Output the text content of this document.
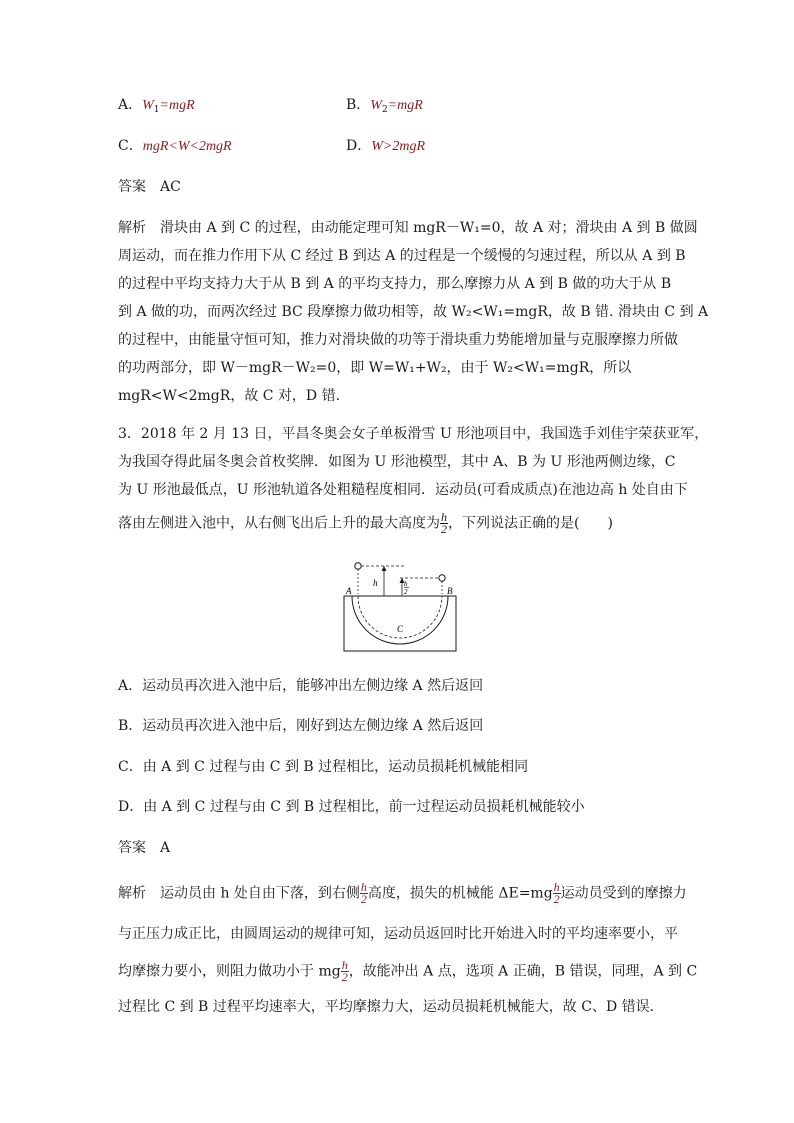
A．$W_1=mgR$	B．$W_2=mgR$
C．mgR<W<2mgR	D．W>2mgR
答案　AC
解析　 滑块由 A 到 C 的过程，由动能定理可知 mgR－W₁=0，故 A 对；滑块由 A 到 B 做圆
周运动，而在推力作用下从 C 经过 B 到达 A 的过程是一个缓慢的匀速过程，所以从 A 到 B
的过程中平均支持力大于从 B 到 A 的平均支持力，那么摩擦力从 A 到 B 做的功大于从 B
到 A 做的功，而两次经过 BC 段摩擦力做功相等，故 W₂<W₁=mgR，故 B 错. 滑块由 C 到 A
的过程中，由能量守恒可知，推力对滑块做的功等于滑块重力势能增加量与克服摩擦力所做
的功两部分，即 W－mgR－W₂=0，即 W=W₁+W₂，由于 W₂<W₁=mgR，所以
mgR<W<2mgR，故 C 对，D 错.
3．2018 年 2 月 13 日，平昌冬奥会女子单板滑雪 U 形池项目中，我国选手刘佳宇荣获亚军，
为我国夺得此届冬奥会首枚奖牌．如图为 U 形池模型，其中 A、B 为 U 形池两侧边缘，C
为 U 形池最低点，U 形池轨道各处粗糙程度相同．运动员(可看成质点)在池边高 h 处自由下
落由左侧进入池中，从右侧飞出后上升的最大高度为 $\frac{h}{2}$ ，下列说法正确的是(　　)
h	h
2
A	B
C
A．运动员再次进入池中后，能够冲出左侧边缘 A 然后返回
B．运动员再次进入池中后，刚好到达左侧边缘 A 然后返回
C．由 A 到 C 过程与由 C 到 B 过程相比，运动员损耗机械能相同
D．由 A 到 C 过程与由 C 到 B 过程相比，前一过程运动员损耗机械能较小
答案　A
解析　 运动员由 h 处自由下落，到右侧 $\frac{h}{2}$ 高度，损失的机械能 $\Delta E=mg \frac{h}{2}$ 运动员受到的摩擦力
与正压力成正比，由圆周运动的规律可知，运动员返回时比开始进入时的平均速率要小，平
均摩擦力要小，则阻力做功小于 mg $\frac{h}{2}$ ，故能冲出 A 点，选项 A 正确，B 错误，同理，A 到 C
过程比 C 到 B 过程平均速率大，平均摩擦力大，运动员损耗机械能大，故 C、D 错误．
